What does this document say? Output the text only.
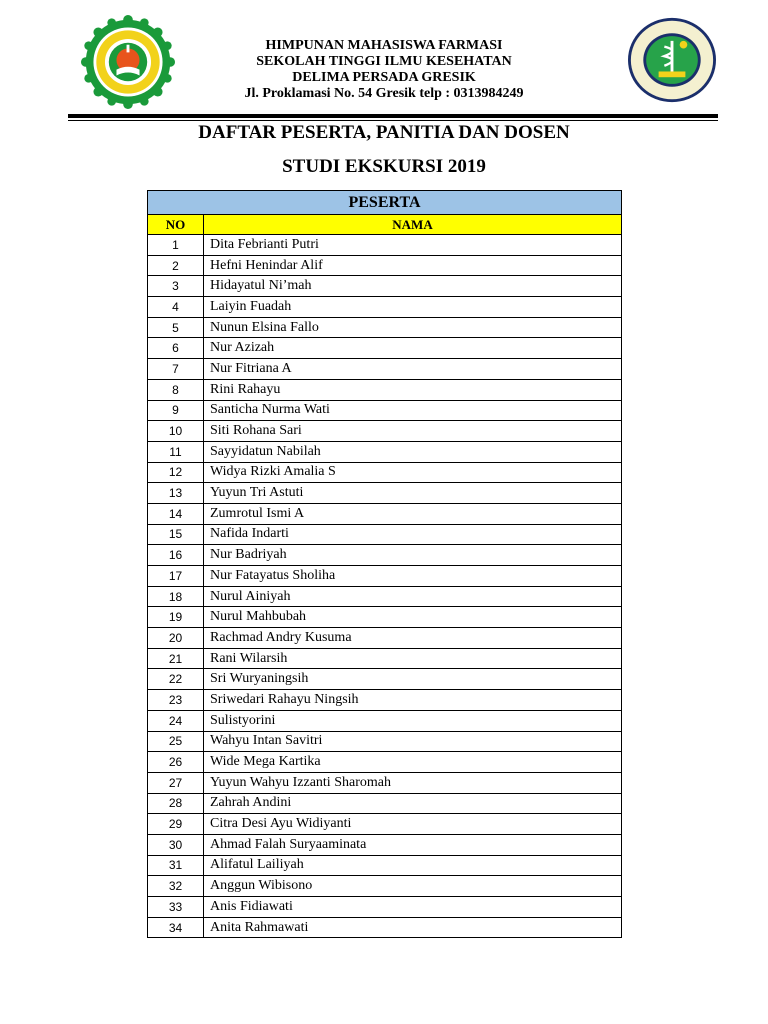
HIMPUNAN MAHASISWA FARMASI
SEKOLAH TINGGI ILMU KESEHATAN
DELIMA PERSADA GRESIK
Jl. Proklamasi No. 54 Gresik telp : 0313984249
DAFTAR PESERTA, PANITIA DAN DOSEN
STUDI EKSKURSI 2019
PESERTA	
NO	NAMA
1	Dita Febrianti Putri
2	Hefni Henindar Alif
3	Hidayatul Ni’mah
4	Laiyin Fuadah
5	Nunun Elsina Fallo
6	Nur Azizah
7	Nur Fitriana A
8	Rini Rahayu
9	Santicha Nurma Wati
10	Siti Rohana Sari
11	Sayyidatun Nabilah
12	Widya Rizki Amalia S
13	Yuyun Tri Astuti
14	Zumrotul Ismi A
15	Nafida Indarti
16	Nur Badriyah
17	Nur Fatayatus Sholiha
18	Nurul Ainiyah
19	Nurul Mahbubah
20	Rachmad Andry Kusuma
21	Rani Wilarsih
22	Sri Wuryaningsih
23	Sriwedari Rahayu Ningsih
24	Sulistyorini
25	Wahyu Intan Savitri
26	Wide Mega Kartika
27	Yuyun Wahyu Izzanti Sharomah
28	Zahrah Andini
29	Citra Desi Ayu Widiyanti
30	Ahmad Falah Suryaaminata
31	Alifatul Lailiyah
32	Anggun Wibisono
33	Anis Fidiawati
34	Anita Rahmawati
